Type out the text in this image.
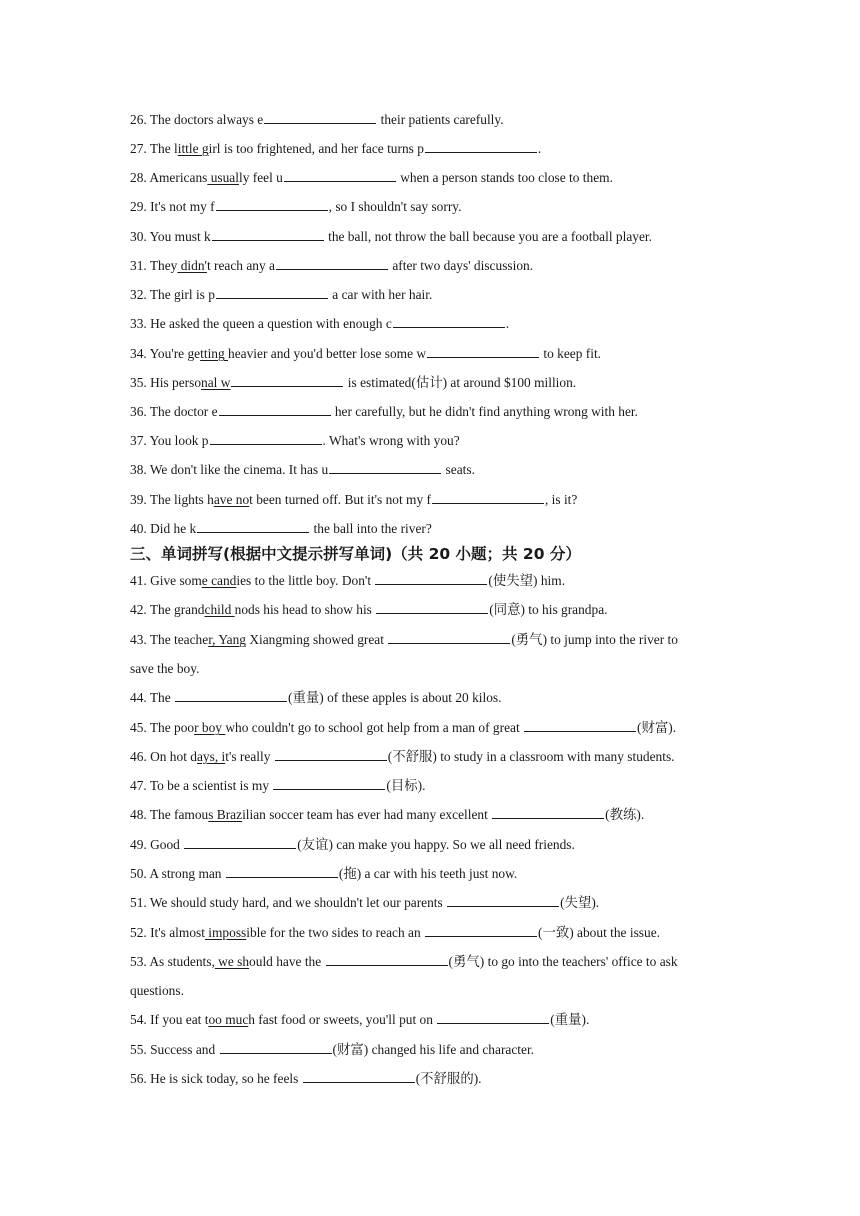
26. The doctors always e	their patients carefully.
27. The little girl is too frightened, and her face turns p	.
28. Americans usually feel u	when a person stands too close to them.
29. It's not my f	, so I shouldn't say sorry.
30. You must k	the ball, not throw the ball because you are a football player.
31. They didn't reach any a	after two days' discussion.
32. The girl is p	a car with her hair.
33. He asked the queen a question with enough c	.
34. You're getting heavier and you'd better lose some w	to keep fit.
35. His personal w	is estimated(估计) at around $100 million.
36. The doctor e	her carefully, but he didn't find anything wrong with her.
37. You look p	. What's wrong with you?
38. We don't like the cinema. It has u	seats.
39. The lights have not been turned off. But it's not my f	, is it?
40. Did he k	the ball into the river?
三、单词拼写(根据中文提示拼写单词)（共 20 小题；共 20 分）
41. Give some candies to the little boy. Don't	(使失望) him.
42. The grandchild nods his head to show his	(同意) to his grandpa.
43. The teacher, Yang Xiangming showed great	(勇气) to jump into the river to
save the boy.
44. The	(重量) of these apples is about 20 kilos.
45. The poor boy who couldn't go to school got help from a man of great	(财富).
46. On hot days, it's really	(不舒服) to study in a classroom with many students.
47. To be a scientist is my	(目标).
48. The famous Brazilian soccer team has ever had many excellent	(教练).
49. Good	(友谊) can make you happy. So we all need friends.
50. A strong man	(拖) a car with his teeth just now.
51. We should study hard, and we shouldn't let our parents	(失望).
52. It's almost impossible for the two sides to reach an	(一致) about the issue.
53. As students, we should have the	(勇气) to go into the teachers' office to ask
questions.
54. If you eat too much fast food or sweets, you'll put on	(重量).
55. Success and	(财富) changed his life and character.
56. He is sick today, so he feels	(不舒服的).
